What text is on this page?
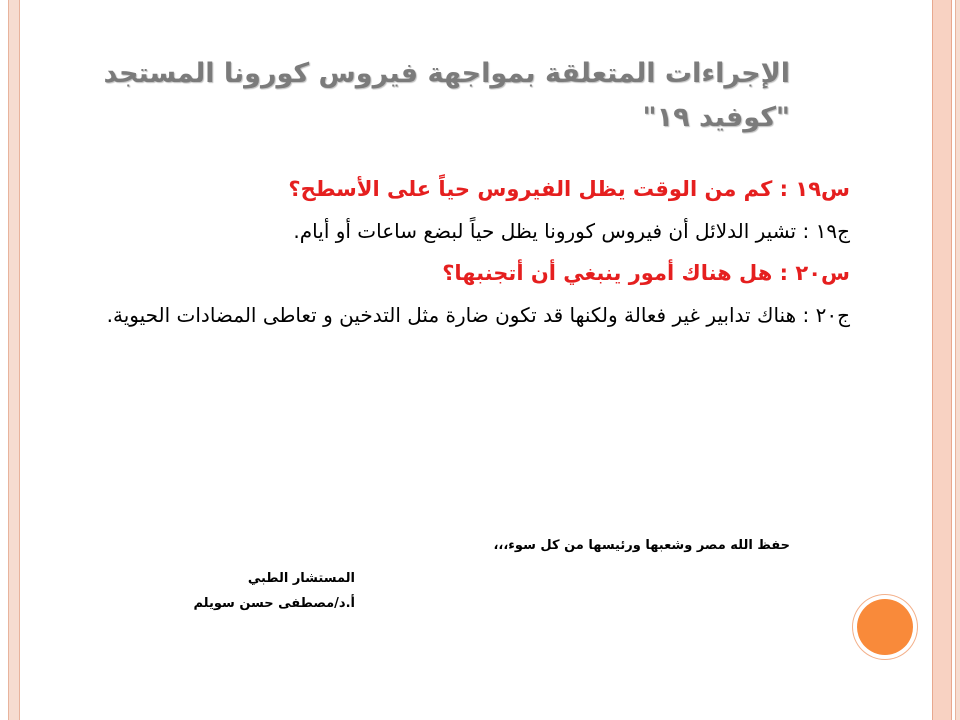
الإجراءات المتعلقة بمواجهة فيروس كورونا المستجد
"كوفيد ١٩"
س١٩ : كم من الوقت يظل الفيروس حياً على الأسطح؟
ج١٩ : تشير الدلائل أن فيروس كورونا يظل حياً لبضع ساعات أو أيام.
س٢٠ : هل هناك أمور ينبغي أن أتجنبها؟
ج٢٠ : هناك تدابير غير فعالة ولكنها قد تكون ضارة مثل التدخين و تعاطى المضادات الحيوية.
حفظ الله مصر وشعبها ورئيسها من كل سوء،،،
المستشار الطبي
أ.د/مصطفى حسن سويلم
